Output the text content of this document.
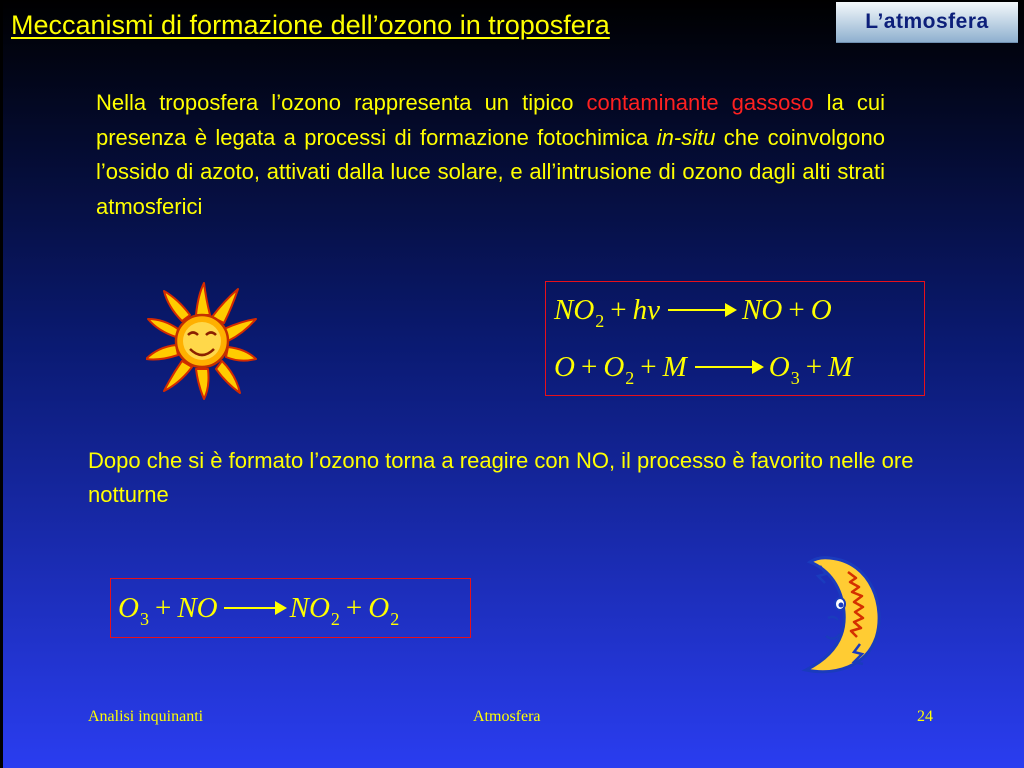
Meccanismi di formazione dell’ozono in troposfera	L’atmosfera

Nella troposfera l’ozono rappresenta un tipico contaminante gassoso la cui presenza è legata a processi di formazione fotochimica in-situ che coinvolgono l’ossido di azoto, attivati dalla luce solare, e all’intrusione di ozono dagli alti strati atmosferici

$NO_2 + h\nu$ → NO + O
$O + O_2 + M \to O_3 + M$

Dopo che si è formato l’ozono torna a reagire con NO, il processo è favorito nelle ore notturne

$O_3$ + NO → $NO_2 + O_2$
Analisi inquinanti	Atmosfera	24
